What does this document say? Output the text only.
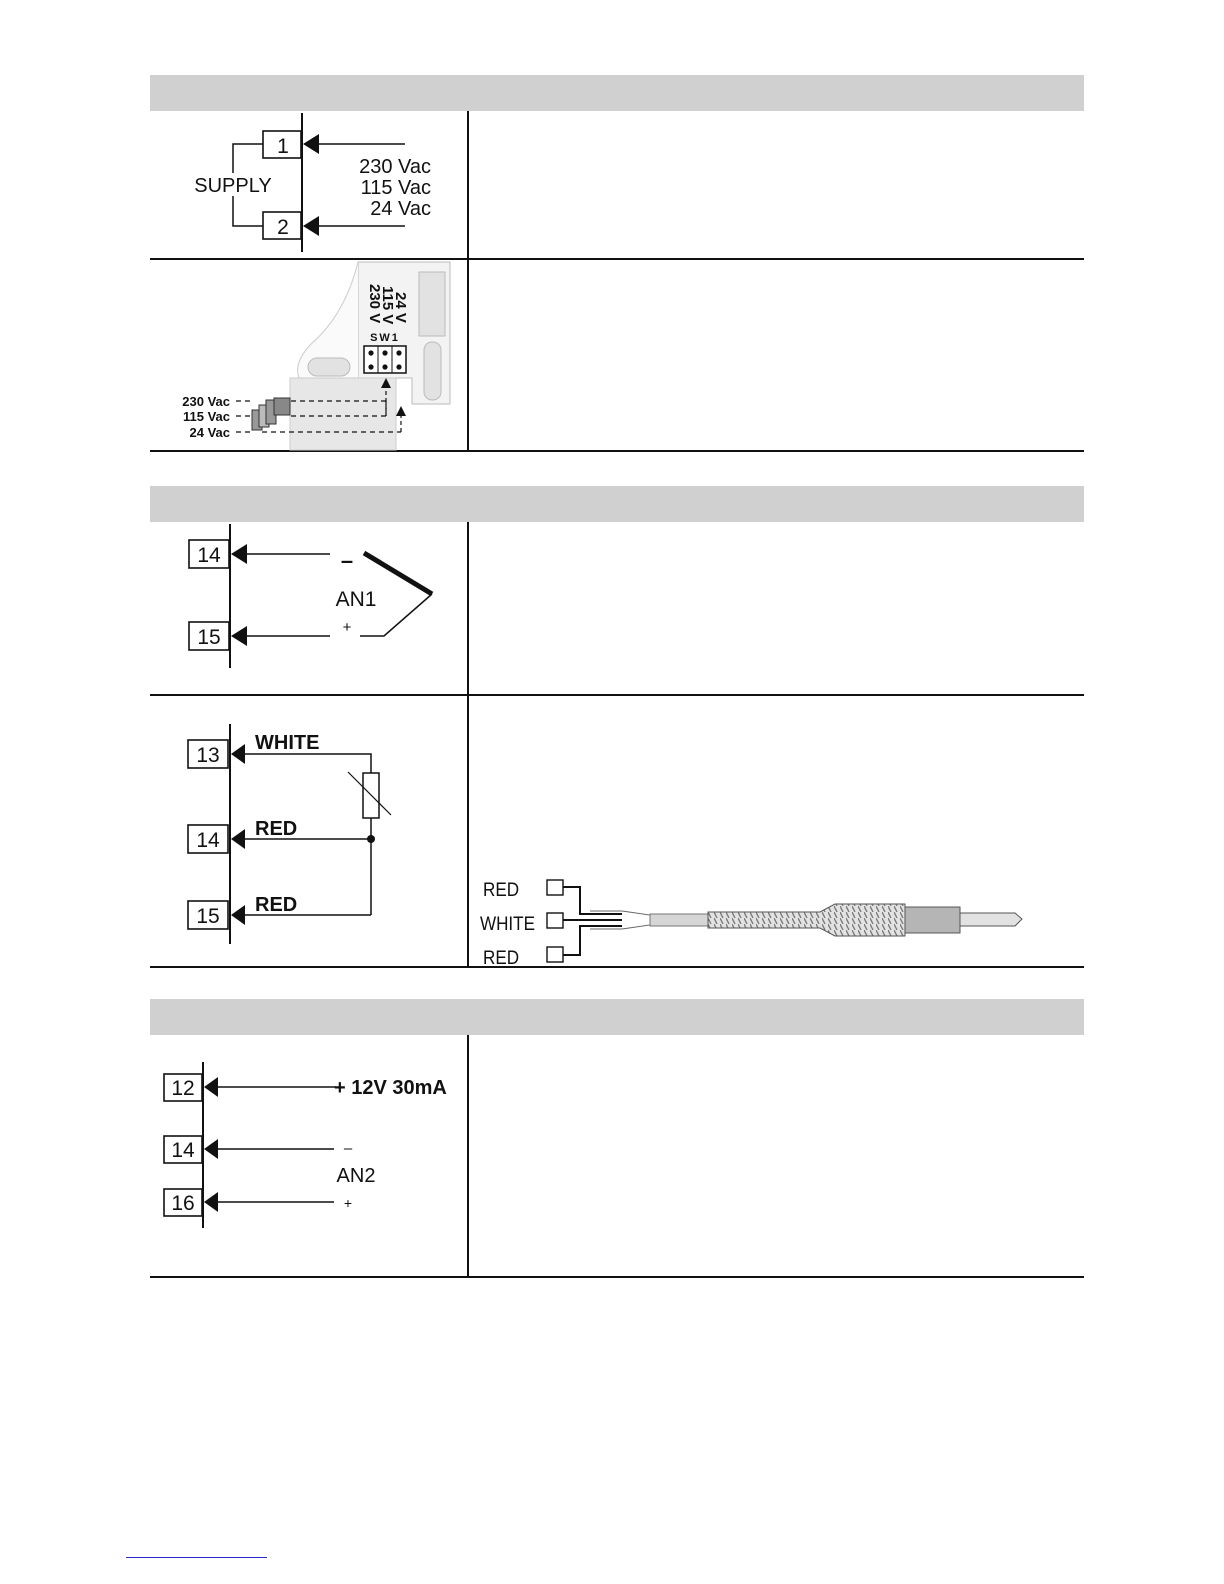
1
2
SUPPLY
230 Vac
115 Vac
24 Vac
24 V
115 V
230 V
SW1
230 Vac
115 Vac
24 Vac
14
15
–
+
AN1
13
14
15
WHITE
RED
RED
RED
WHITE
RED
12
14
16
+ 12V 30mA
–
AN2
+
